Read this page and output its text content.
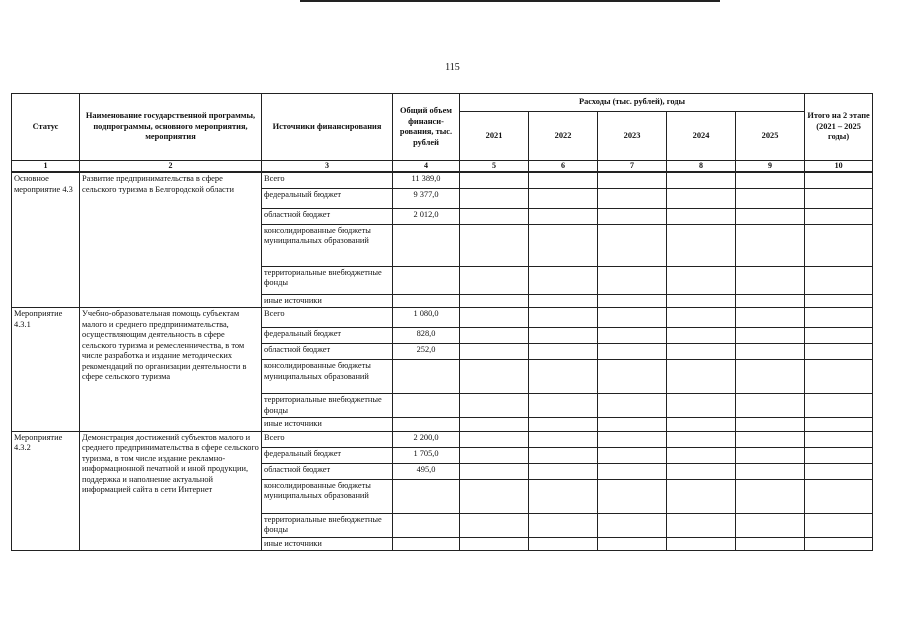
115
Статус	Наименование государственной программы, подпрограммы, основного мероприятия, мероприятия	Источники финансирования	Общий объем финанси-рования, тыс. рублей	Расходы (тыс. рублей), годы					Итого на 2 этапе (2021 – 2025 годы)
				2021	2022	2023	2024	2025	
1	2	3	4	5	6	7	8	9	10
Основное мероприятие 4.3	Развитие предпринимательства в сфере сельского туризма в Белгородской области	Всего	11 389,0						
		федеральный бюджет	9 377,0						
		областной бюджет	2 012,0						
		консолидированные бюджеты муниципальных образований							
		территориальные внебюджетные фонды							
		иные источники							
Мероприятие 4.3.1	Учебно-образовательная помощь субъектам малого и среднего предпринимательства, осуществляющим деятельность в сфере сельского туризма и ремесленничества, в том числе разработка и издание методических рекомендаций по организации деятельности в сфере сельского туризма	Всего	1 080,0						
		федеральный бюджет	828,0						
		областной бюджет	252,0						
		консолидированные бюджеты муниципальных образований							
		территориальные внебюджетные фонды							
		иные источники							
Мероприятие 4.3.2	Демонстрация достижений субъектов малого и среднего предпринимательства в сфере сельского туризма, в том числе издание рекламно-информационной печатной и иной продукции, поддержка и наполнение актуальной информацией сайта в сети Интернет	Всего	2 200,0						
		федеральный бюджет	1 705,0						
		областной бюджет	495,0						
		консолидированные бюджеты муниципальных образований							
		территориальные внебюджетные фонды							
		иные источники							
